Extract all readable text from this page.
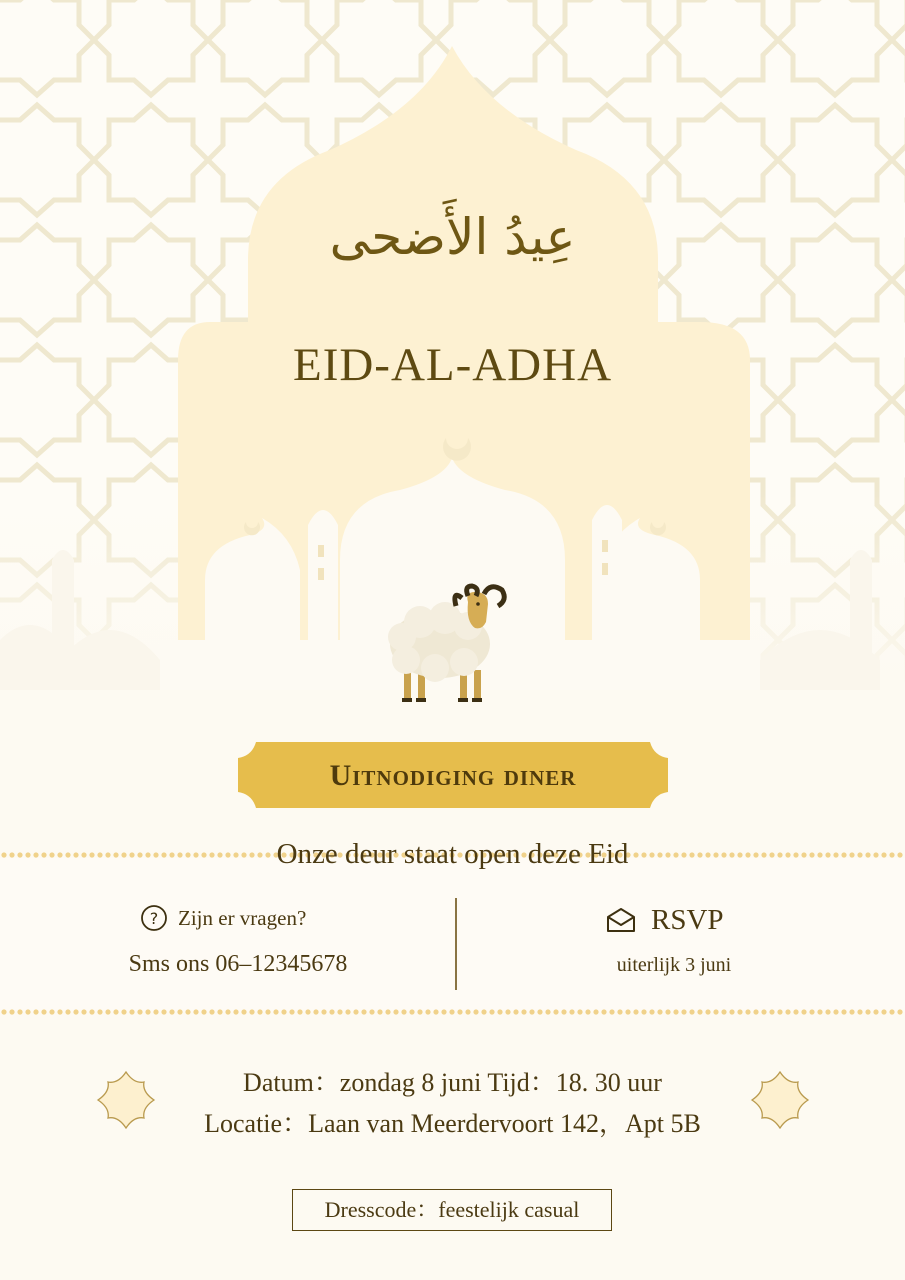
عِيدُ الأَضحى
EID-AL-ADHA
Uitnodiging diner
Onze deur staat open deze Eid
? Zijn er vragen?
Sms ons 06–12345678
RSVP
uiterlijk 3 juni
Datum：zondag 8 juni Tijd：18. 30 uur
Locatie：Laan van Meerdervoort 142，Apt 5B
Dresscode：feestelijk casual
